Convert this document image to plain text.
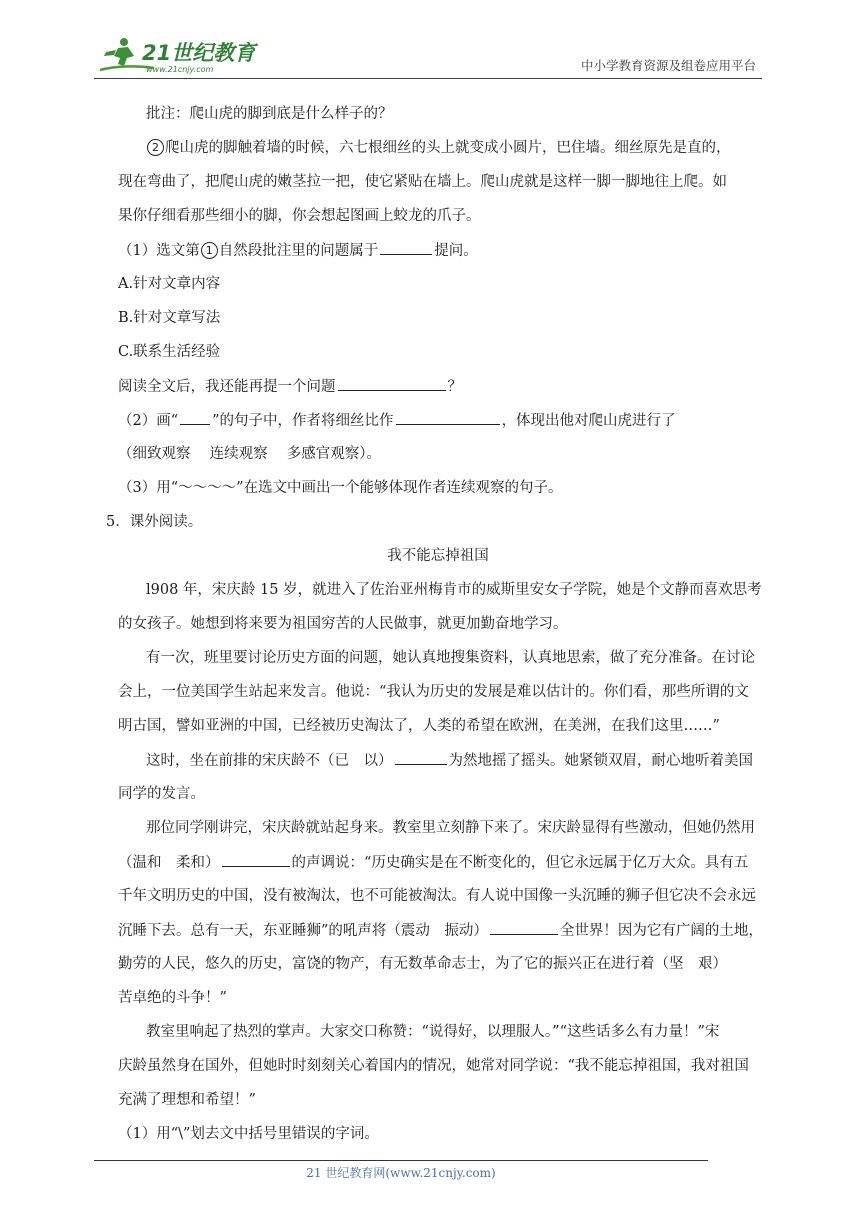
21世纪教育
www.21cnjy.com	中小学教育资源及组卷应用平台
批注：爬山虎的脚到底是什么样子的？
2 爬山虎的脚触着墙的时候，六七根细丝的头上就变成小圆片，巴住墙。细丝原先是直的，
现在弯曲了，把爬山虎的嫩茎拉一把，使它紧贴在墙上。爬山虎就是这样一脚一脚地往上爬。如
果你仔细看那些细小的脚，你会想起图画上蛟龙的爪子。
（1）选文第 1 自然段批注里的问题属于	提问。
A.针对文章内容
B.针对文章写法
C.联系生活经验
阅读全文后，我还能再提一个问题	？
（2）画“ ”的句子中，作者将细丝比作	，体现出他对爬山虎进行了
（细致观察　 连续观察　 多感官观察）。
（3）用“～～～～”在选文中画出一个能够体现作者连续观察的句子。
5．课外阅读。
我不能忘掉祖国
l908 年，宋庆龄 15 岁，就进入了佐治亚州梅肯市的威斯里安女子学院，她是个文静而喜欢思考
的女孩子。她想到将来要为祖国穷苦的人民做事，就更加勤奋地学习。
有一次，班里要讨论历史方面的问题，她认真地搜集资料，认真地思索，做了充分准备。在讨论
会上，一位美国学生站起来发言。他说：“我认为历史的发展是难以估计的。你们看，那些所谓的文
明古国，譬如亚洲的中国，已经被历史淘汰了，人类的希望在欧洲，在美洲，在我们这里……”
这时，坐在前排的宋庆龄不（已　以）	为然地摇了摇头。她紧锁双眉，耐心地听着美国
同学的发言。
那位同学刚讲完，宋庆龄就站起身来。教室里立刻静下来了。宋庆龄显得有些激动，但她仍然用
（温和　柔和）	的声调说：“历史确实是在不断变化的，但它永远属于亿万大众。具有五
千年文明历史的中国，没有被淘汰，也不可能被淘汰。有人说中国像一头沉睡的狮子但它决不会永远
沉睡下去。总有一天，东亚睡狮”的吼声将（震动　振动）	全世界！因为它有广阔的土地，
勤劳的人民，悠久的历史，富饶的物产，有无数革命志士，为了它的振兴正在进行着（坚　艰）
苦卓绝的斗争！”
教室里响起了热烈的掌声。大家交口称赞：“说得好，以理服人。”“这些话多么有力量！”宋
庆龄虽然身在国外，但她时时刻刻关心着国内的情况，她常对同学说：“我不能忘掉祖国，我对祖国
充满了理想和希望！”
（1）用“\”划去文中括号里错误的字词。
21 世纪教育网(www.21cnjy.com)
